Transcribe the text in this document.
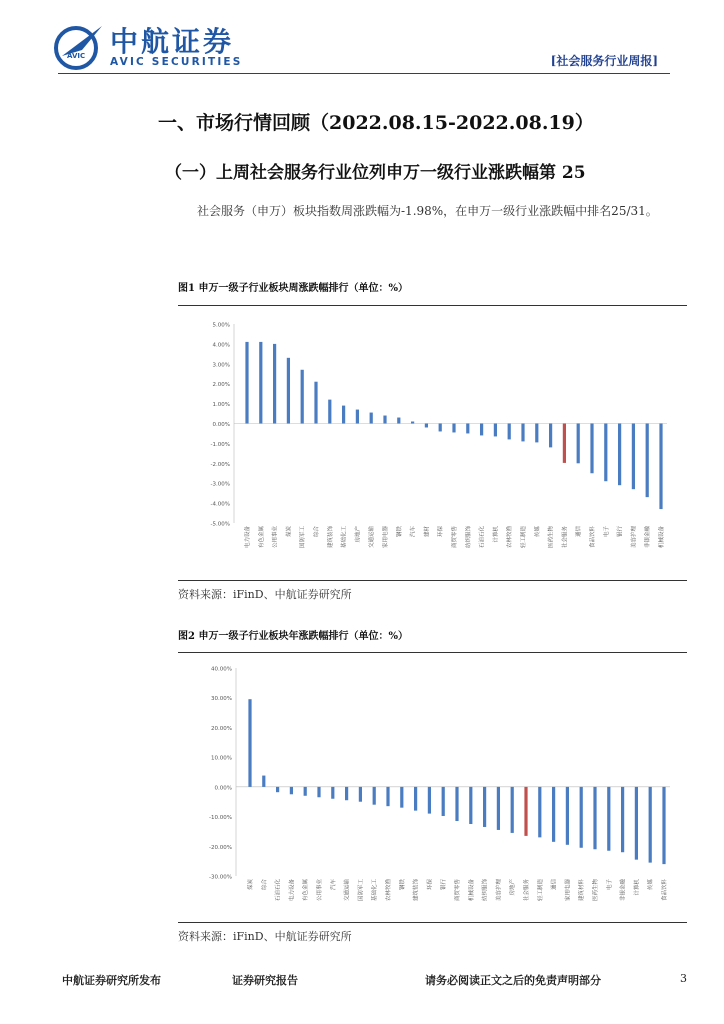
AVIC 中航证券
AVIC SECURITIES	[社会服务行业周报]
一、市场行情回顾（2022.08.15-2022.08.19）
（一）上周社会服务行业位列申万一级行业涨跌幅第 25
社会服务（申万）板块指数周涨跌幅为-1.98%，在申万一级行业涨跌幅中排名25/31。
图1 申万一级子行业板块周涨跌幅排行（单位：%）
5.00%
4.00%
3.00%
2.00%
1.00%
0.00%
-1.00%
-2.00%
-3.00%
-4.00%
-5.00%
电力设备	有色金属	公用事业	煤炭	国防军工	综合	建筑装饰	基础化工	房地产	交通运输	家用电器	钢铁	汽车	建材	环保	商贸零售	纺织服饰	石油石化	计算机	农林牧渔	轻工制造	传媒	医药生物	社会服务	通信	食品饮料	电子	银行	美容护理	非银金融	机械设备
资料来源：iFinD、中航证券研究所
图2 申万一级子行业板块年涨跌幅排行（单位：%）
40.00%
30.00%
20.00%
10.00%
0.00%
-10.00%
-20.00%
-30.00%
煤炭	综合	石油石化	电力设备	有色金属	公用事业	汽车	交通运输	国防军工	基础化工	农林牧渔	钢铁	建筑装饰	环保	银行	商贸零售	机械设备	纺织服饰	美容护理	房地产	社会服务	轻工制造	通信	家用电器	建筑材料	医药生物	电子	非银金融	计算机	传媒	食品饮料
资料来源：iFinD、中航证券研究所
中航证券研究所发布	证券研究报告	请务必阅读正文之后的免责声明部分	3
